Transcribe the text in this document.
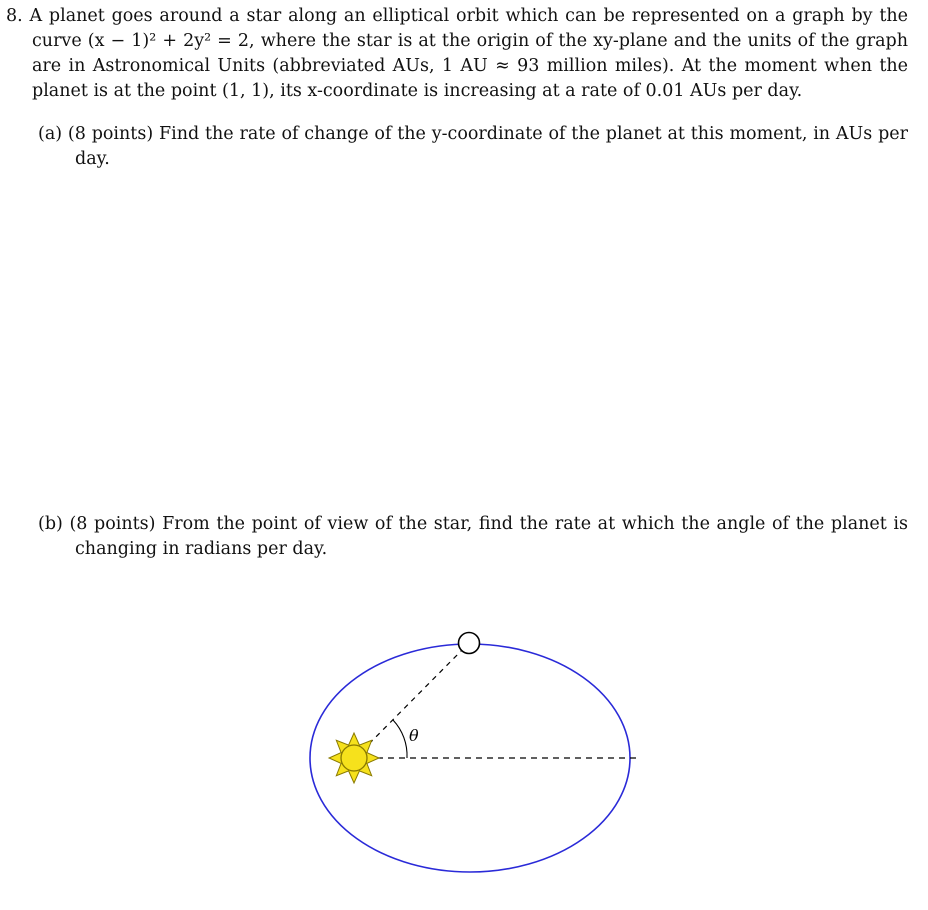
8. A planet goes around a star along an elliptical orbit which can be represented on a graph by the curve (x − 1)² + 2y² = 2, where the star is at the origin of the xy-plane and the units of the graph are in Astronomical Units (abbreviated AUs, 1 AU ≈ 93 million miles). At the moment when the planet is at the point (1, 1), its x-coordinate is increasing at a rate of 0.01 AUs per day.

(a) (8 points) Find the rate of change of the y-coordinate of the planet at this moment, in AUs per day.

(b) (8 points) From the point of view of the star, find the rate at which the angle of the planet is changing in radians per day.

θ
